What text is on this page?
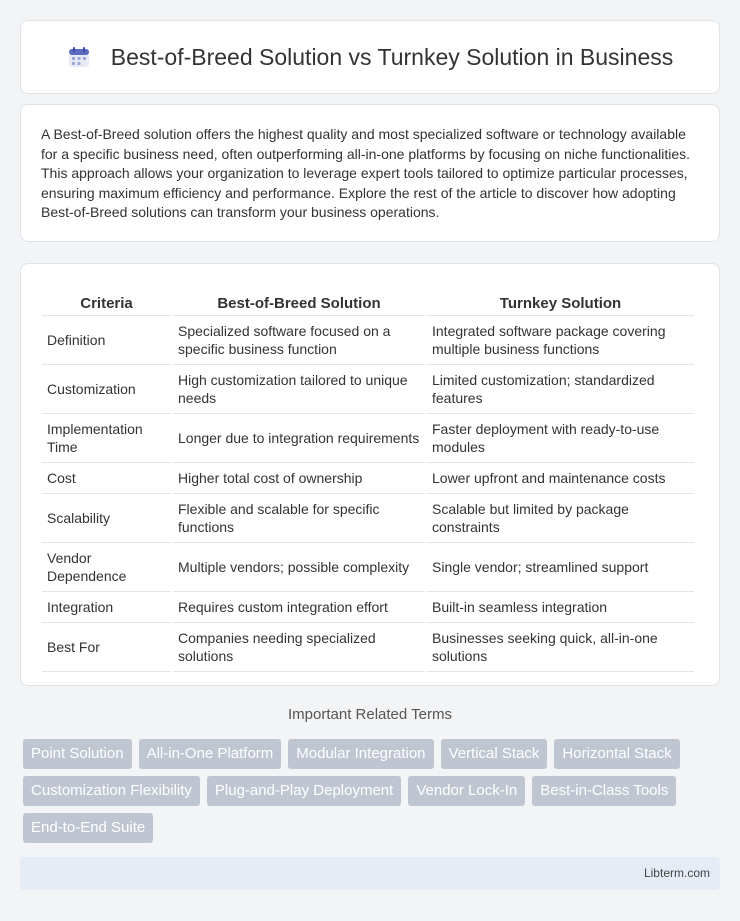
Best-of-Breed Solution vs Turnkey Solution in Business

A Best-of-Breed solution offers the highest quality and most specialized software or technology available for a specific business need, often outperforming all-in-one platforms by focusing on niche functionalities. This approach allows your organization to leverage expert tools tailored to optimize particular processes, ensuring maximum efficiency and performance. Explore the rest of the article to discover how adopting Best-of-Breed solutions can transform your business operations.

Criteria	Best-of-Breed Solution	Turnkey Solution
Definition	Specialized software focused on a specific business function	Integrated software package covering multiple business functions
Customization	High customization tailored to unique needs	Limited customization; standardized features
Implementation Time	Longer due to integration requirements	Faster deployment with ready-to-use modules
Cost	Higher total cost of ownership	Lower upfront and maintenance costs
Scalability	Flexible and scalable for specific functions	Scalable but limited by package constraints
Vendor Dependence	Multiple vendors; possible complexity	Single vendor; streamlined support
Integration	Requires custom integration effort	Built-in seamless integration
Best For	Companies needing specialized solutions	Businesses seeking quick, all-in-one solutions
Important Related Terms
Point Solution	All-in-One Platform	Modular Integration	Vertical Stack	Horizontal Stack
Customization Flexibility	Plug-and-Play Deployment	Vendor Lock-In	Best-in-Class Tools
End-to-End Suite
Libterm.com
